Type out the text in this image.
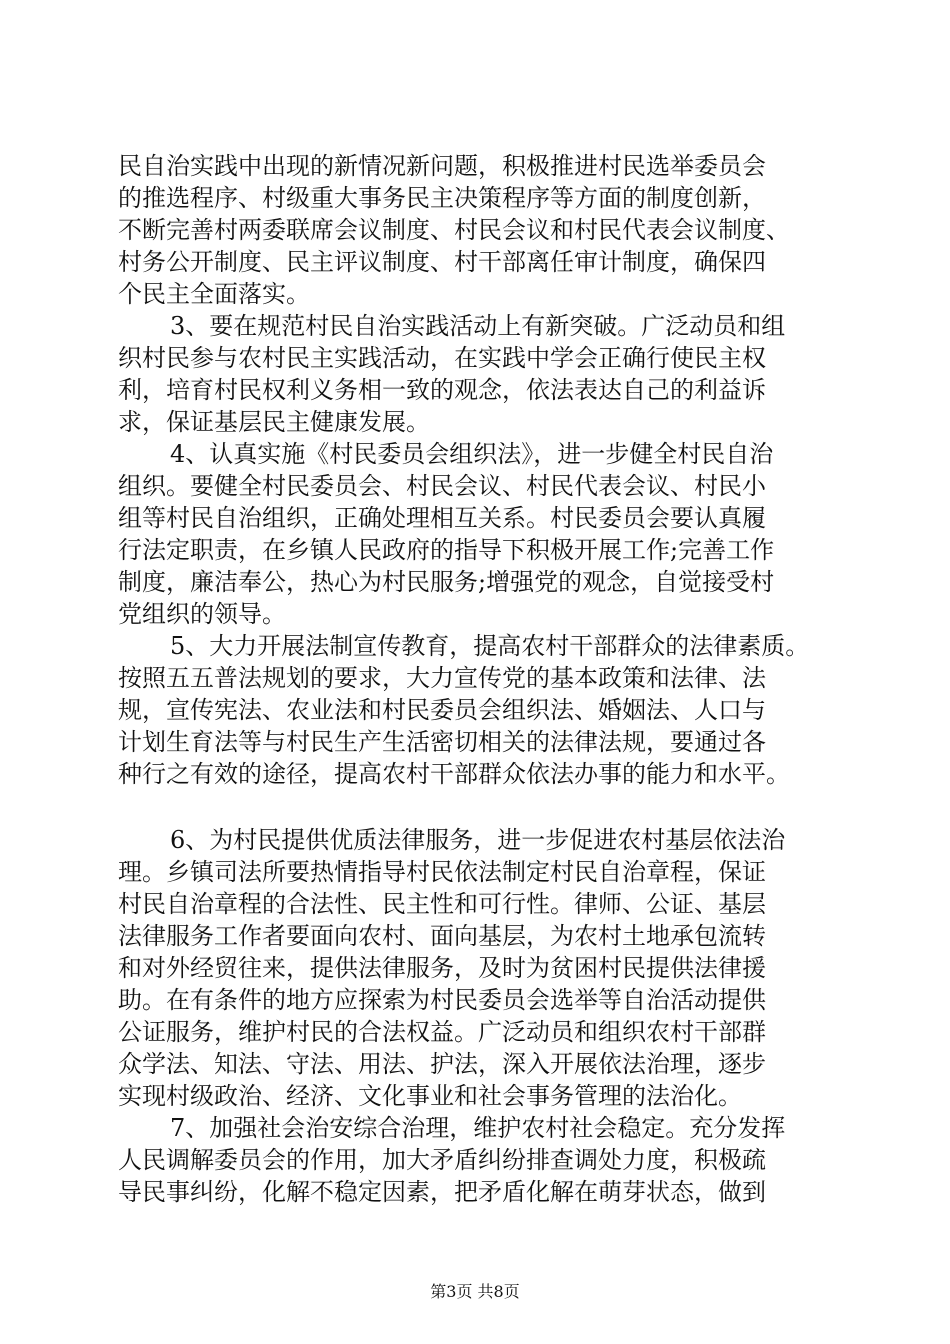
民自治实践中出现的新情况新问题，积极推进村民选举委员会
的推选程序、村级重大事务民主决策程序等方面的制度创新，
不断完善村两委联席会议制度、村民会议和村民代表会议制度、
村务公开制度、民主评议制度、村干部离任审计制度，确保四
个民主全面落实。
3、要在规范村民自治实践活动上有新突破。广泛动员和组
织村民参与农村民主实践活动，在实践中学会正确行使民主权
利，培育村民权利义务相一致的观念，依法表达自己的利益诉
求，保证基层民主健康发展。
4、认真实施《村民委员会组织法》，进一步健全村民自治
组织。要健全村民委员会、村民会议、村民代表会议、村民小
组等村民自治组织，正确处理相互关系。村民委员会要认真履
行法定职责，在乡镇人民政府的指导下积极开展工作;完善工作
制度，廉洁奉公，热心为村民服务;增强党的观念，自觉接受村
党组织的领导。
5、大力开展法制宣传教育，提高农村干部群众的法律素质。
按照五五普法规划的要求，大力宣传党的基本政策和法律、法
规，宣传宪法、农业法和村民委员会组织法、婚姻法、人口与
计划生育法等与村民生产生活密切相关的法律法规，要通过各
种行之有效的途径，提高农村干部群众依法办事的能力和水平。
6、为村民提供优质法律服务，进一步促进农村基层依法治
理。乡镇司法所要热情指导村民依法制定村民自治章程，保证
村民自治章程的合法性、民主性和可行性。律师、公证、基层
法律服务工作者要面向农村、面向基层，为农村土地承包流转
和对外经贸往来，提供法律服务，及时为贫困村民提供法律援
助。在有条件的地方应探索为村民委员会选举等自治活动提供
公证服务，维护村民的合法权益。广泛动员和组织农村干部群
众学法、知法、守法、用法、护法，深入开展依法治理，逐步
实现村级政治、经济、文化事业和社会事务管理的法治化。
7、加强社会治安综合治理，维护农村社会稳定。充分发挥
人民调解委员会的作用，加大矛盾纠纷排查调处力度，积极疏
导民事纠纷，化解不稳定因素，把矛盾化解在萌芽状态，做到
第3页 共8页
